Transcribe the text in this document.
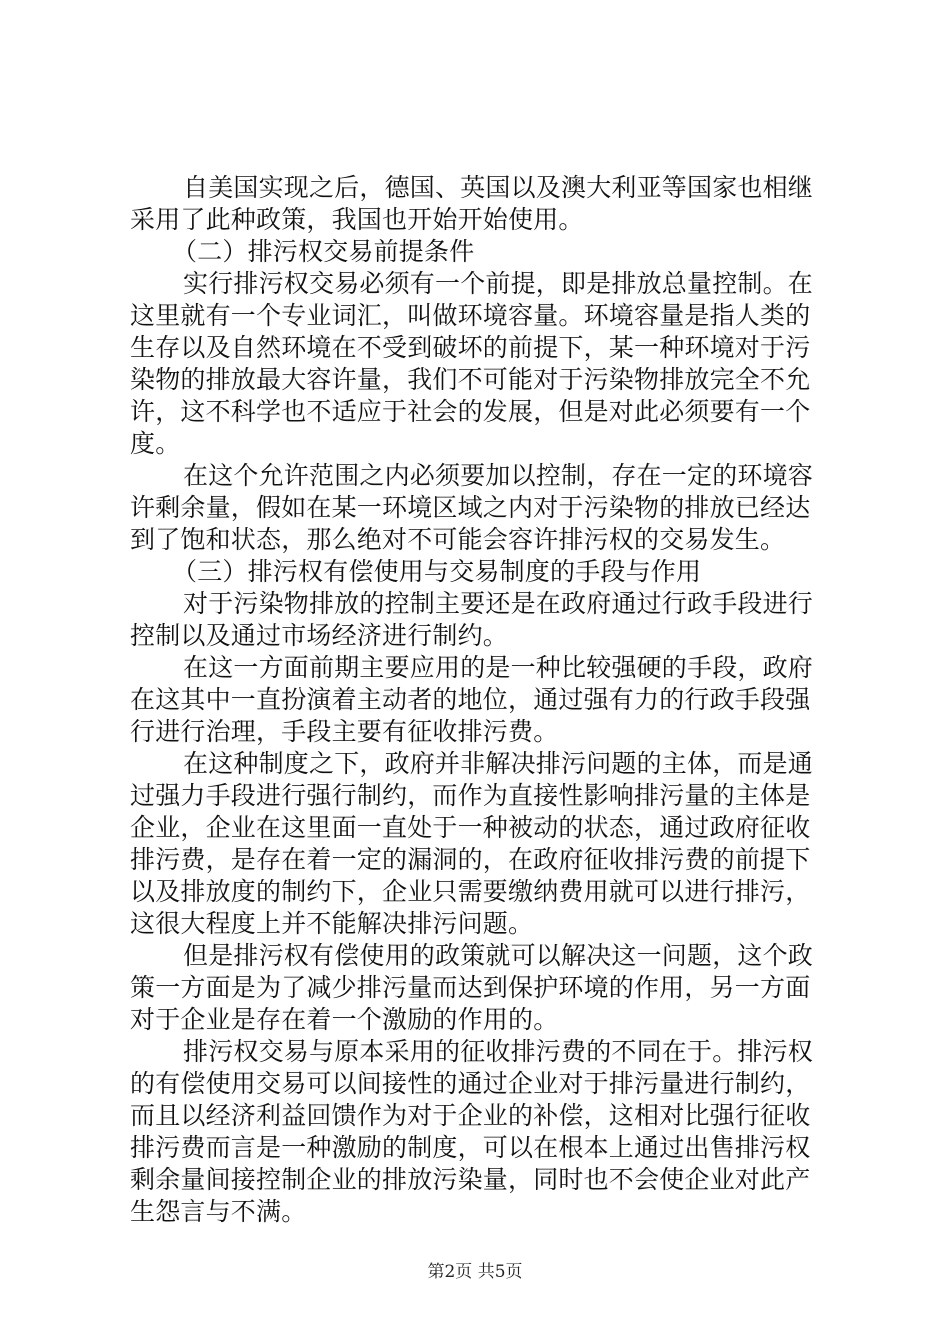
自美国实现之后，德国、英国以及澳大利亚等国家也相继
采用了此种政策，我国也开始开始使用。
（二）排污权交易前提条件
实行排污权交易必须有一个前提，即是排放总量控制。在
这里就有一个专业词汇，叫做环境容量。环境容量是指人类的
生存以及自然环境在不受到破坏的前提下，某一种环境对于污
染物的排放最大容许量，我们不可能对于污染物排放完全不允
许，这不科学也不适应于社会的发展，但是对此必须要有一个
度。
在这个允许范围之内必须要加以控制，存在一定的环境容
许剩余量，假如在某一环境区域之内对于污染物的排放已经达
到了饱和状态，那么绝对不可能会容许排污权的交易发生。
（三）排污权有偿使用与交易制度的手段与作用
对于污染物排放的控制主要还是在政府通过行政手段进行
控制以及通过市场经济进行制约。
在这一方面前期主要应用的是一种比较强硬的手段，政府
在这其中一直扮演着主动者的地位，通过强有力的行政手段强
行进行治理，手段主要有征收排污费。
在这种制度之下，政府并非解决排污问题的主体，而是通
过强力手段进行强行制约，而作为直接性影响排污量的主体是
企业，企业在这里面一直处于一种被动的状态，通过政府征收
排污费，是存在着一定的漏洞的，在政府征收排污费的前提下
以及排放度的制约下，企业只需要缴纳费用就可以进行排污，
这很大程度上并不能解决排污问题。
但是排污权有偿使用的政策就可以解决这一问题，这个政
策一方面是为了减少排污量而达到保护环境的作用，另一方面
对于企业是存在着一个激励的作用的。
排污权交易与原本采用的征收排污费的不同在于。排污权
的有偿使用交易可以间接性的通过企业对于排污量进行制约，
而且以经济利益回馈作为对于企业的补偿，这相对比强行征收
排污费而言是一种激励的制度，可以在根本上通过出售排污权
剩余量间接控制企业的排放污染量，同时也不会使企业对此产
生怨言与不满。
第2页 共5页
